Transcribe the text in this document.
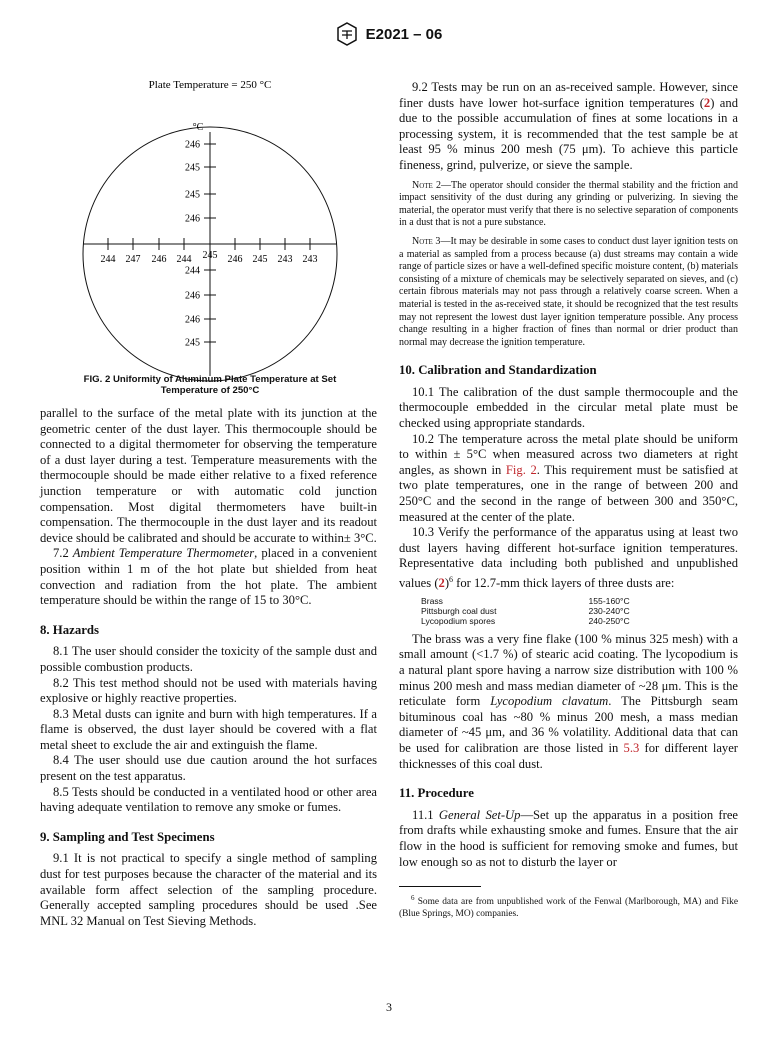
E2021 – 06
Plate Temperature = 250 °C
°C
246
245
245
246
244
246
246
245
244 247 246 244 245 246 245 243 243
FIG. 2 Uniformity of Aluminum Plate Temperature at Set Temperature of 250°C

parallel to the surface of the metal plate with its junction at the geometric center of the dust layer. This thermocouple should be connected to a digital thermometer for observing the temperature of a dust layer during a test. Temperature measurements with the thermocouple should be made either relative to a fixed reference junction temperature or with automatic cold junction compensation. Most digital thermometers have built-in compensation. The thermocouple in the dust layer and its readout device should be calibrated and should be accurate to within± 3°C.

7.2 Ambient Temperature Thermometer, placed in a convenient position within 1 m of the hot plate but shielded from heat convection and radiation from the hot plate. The ambient temperature should be within the range of 15 to 30°C.

8. Hazards

8.1 The user should consider the toxicity of the sample dust and possible combustion products.

8.2 This test method should not be used with materials having explosive or highly reactive properties.

8.3 Metal dusts can ignite and burn with high temperatures. If a flame is observed, the dust layer should be covered with a flat metal sheet to exclude the air and extinguish the flame.

8.4 The user should use due caution around the hot surfaces present on the test apparatus.

8.5 Tests should be conducted in a ventilated hood or other area having adequate ventilation to remove any smoke or fumes.

9. Sampling and Test Specimens

9.1 It is not practical to specify a single method of sampling dust for test purposes because the character of the material and its available form affect selection of the sampling procedure. Generally accepted sampling procedures should be used .See MNL 32 Manual on Test Sieving Methods.

9.2 Tests may be run on an as-received sample. However, since finer dusts have lower hot-surface ignition temperatures (2) and due to the possible accumulation of fines at some locations in a processing system, it is recommended that the test sample be at least 95 % minus 200 mesh (75 μm). To achieve this particle fineness, grind, pulverize, or sieve the sample.

Note 2—The operator should consider the thermal stability and the friction and impact sensitivity of the dust during any grinding or pulverizing. In sieving the material, the operator must verify that there is no selective separation of components in a dust that is not a pure substance.

Note 3—It may be desirable in some cases to conduct dust layer ignition tests on a material as sampled from a process because (a) dust streams may contain a wide range of particle sizes or have a well-defined specific moisture content, (b) materials consisting of a mixture of chemicals may be selectively separated on sieves, and (c) certain fibrous materials may not pass through a relatively coarse screen. When a material is tested in the as-received state, it should be recognized that the test results may not represent the lowest dust layer ignition temperature possible. Any process change resulting in a higher fraction of fines than normal or drier product than normal may decrease the ignition temperature.

10. Calibration and Standardization

10.1 The calibration of the dust sample thermocouple and the thermocouple embedded in the circular metal plate must be checked using appropriate standards.

10.2 The temperature across the metal plate should be uniform to within ± 5°C when measured across two diameters at right angles, as shown in Fig. 2. This requirement must be satisfied at two plate temperatures, one in the range of between 200 and 250°C and the second in the range of between 300 and 350°C, measured at the center of the plate.

10.3 Verify the performance of the apparatus using at least two dust layers having different hot-surface ignition temperatures. Representative data including both published and unpublished values $(2)^6$ for 12.7-mm thick layers of three dusts are:

Brass	155-160°C
Pittsburgh coal dust	230-240°C
Lycopodium spores	240-250°C

The brass was a very fine flake (100 % minus 325 mesh) with a small amount (<1.7 %) of stearic acid coating. The lycopodium is a natural plant spore having a narrow size distribution with 100 % minus 200 mesh and mass median diameter of ~28 μm. This is the reticulate form Lycopodium clavatum. The Pittsburgh seam bituminous coal has ~80 % minus 200 mesh, a mass median diameter of ~45 μm, and 36 % volatility. Additional data that can be used for calibration are those listed in 5.3 for different layer thicknesses of this coal dust.

11. Procedure

11.1 General Set-Up—Set up the apparatus in a position free from drafts while exhausting smoke and fumes. Ensure that the air flow in the hood is sufficient for removing smoke and fumes, but low enough so as not to disturb the layer or

$^6$ Some data are from unpublished work of the Fenwal (Marlborough, MA) and Fike (Blue Springs, MO) companies.

3
